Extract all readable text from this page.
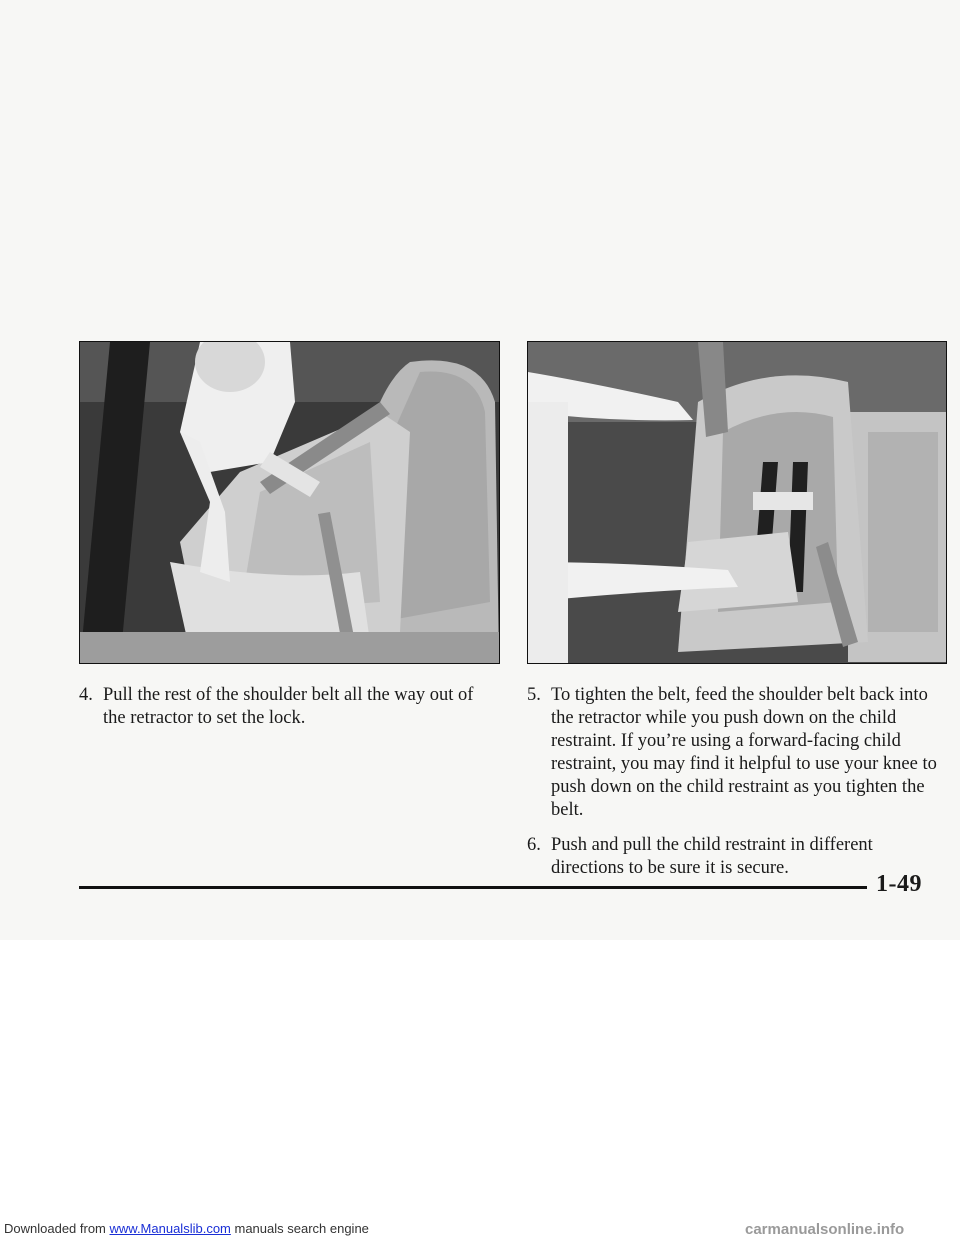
4. Pull the rest of the shoulder belt all the way out of the retractor to set the lock.
5. To tighten the belt, feed the shoulder belt back into the retractor while you push down on the child restraint. If you’re using a forward-facing child restraint, you may find it helpful to use your knee to push down on the child restraint as you tighten the belt.
6. Push and pull the child restraint in different directions to be sure it is secure.
1-49
Downloaded from www.Manualslib.com manuals search engine	carmanualsonline.info
